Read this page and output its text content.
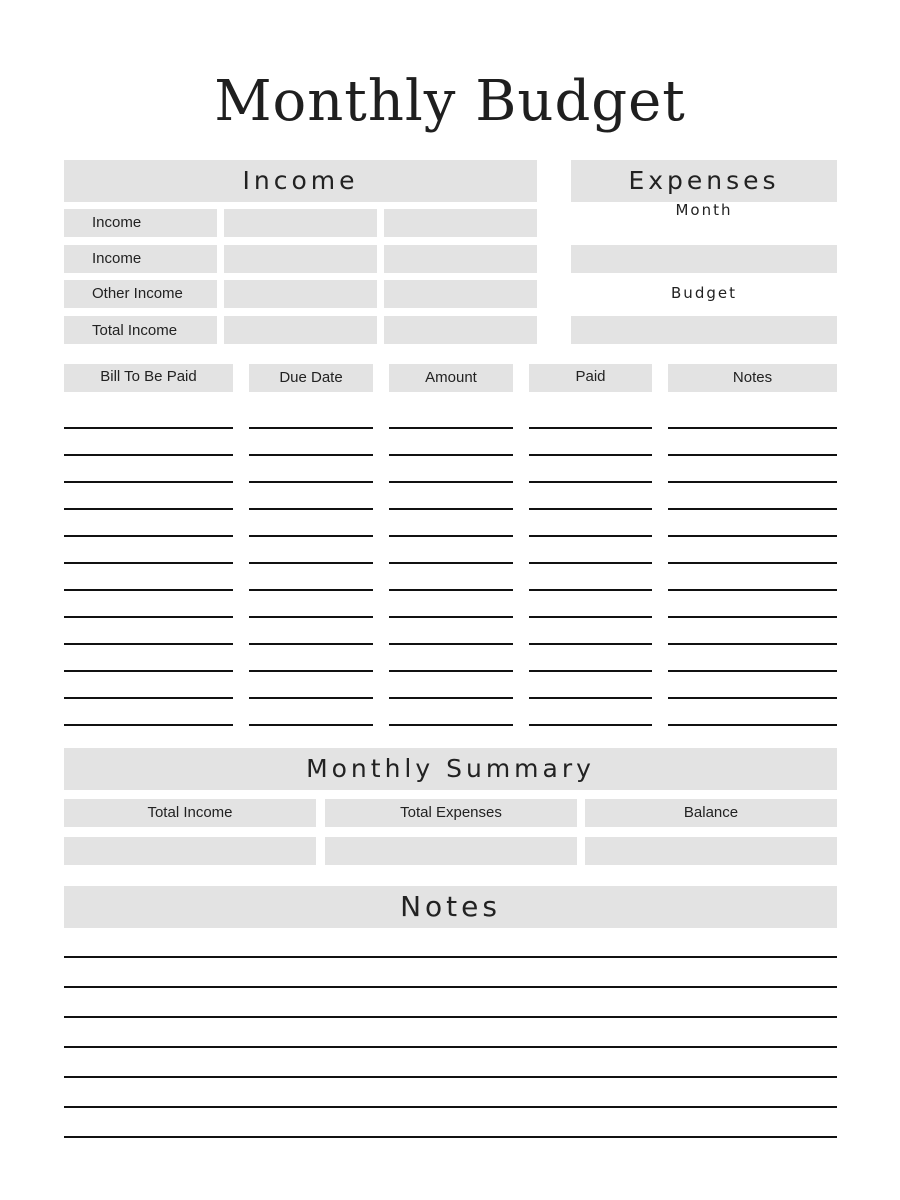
Monthly Budget
Income
Income
Income
Other Income
Total Income
Expenses
Month
Budget
Bill To Be Paid	Due Date	Amount	Paid	Notes
Monthly Summary
Total Income	Total Expenses	Balance
Notes
